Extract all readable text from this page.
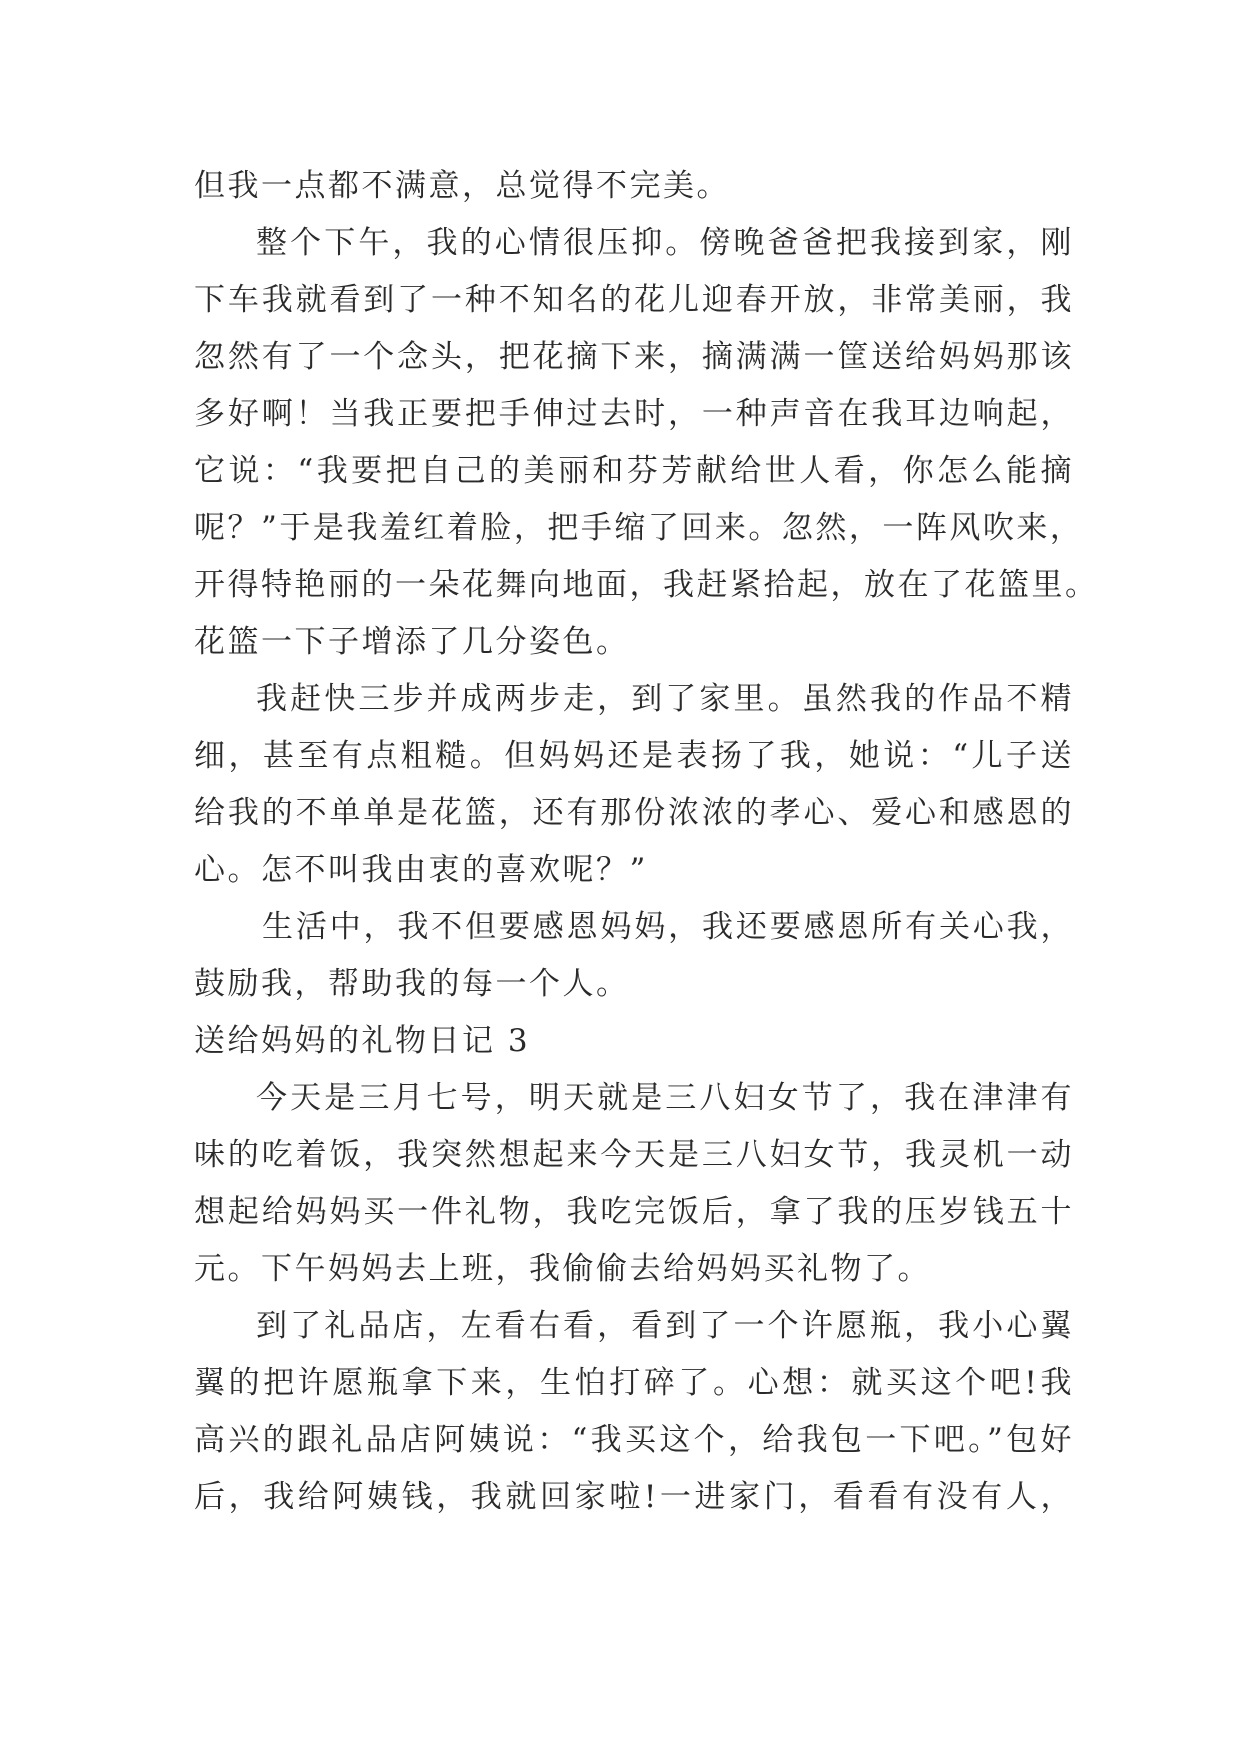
但我一点都不满意，总觉得不完美。
整个下午，我的心情很压抑。傍晚爸爸把我接到家，刚
下车我就看到了一种不知名的花儿迎春开放，非常美丽，我
忽然有了一个念头，把花摘下来，摘满满一筐送给妈妈那该
多好啊！当我正要把手伸过去时，一种声音在我耳边响起，
它说：“我要把自己的美丽和芬芳献给世人看，你怎么能摘
呢？”于是我羞红着脸，把手缩了回来。忽然，一阵风吹来，
开得特艳丽的一朵花舞向地面，我赶紧拾起，放在了花篮里。
花篮一下子增添了几分姿色。
我赶快三步并成两步走，到了家里。虽然我的作品不精
细，甚至有点粗糙。但妈妈还是表扬了我，她说：“儿子送
给我的不单单是花篮，还有那份浓浓的孝心、爱心和感恩的
心。怎不叫我由衷的喜欢呢？”
生活中，我不但要感恩妈妈，我还要感恩所有关心我，
鼓励我，帮助我的每一个人。
送给妈妈的礼物日记 3
今天是三月七号，明天就是三八妇女节了，我在津津有
味的吃着饭，我突然想起来今天是三八妇女节，我灵机一动
想起给妈妈买一件礼物，我吃完饭后，拿了我的压岁钱五十
元。下午妈妈去上班，我偷偷去给妈妈买礼物了。
到了礼品店，左看右看，看到了一个许愿瓶，我小心翼
翼的把许愿瓶拿下来，生怕打碎了。心想：就买这个吧!我
高兴的跟礼品店阿姨说：“我买这个，给我包一下吧。”包好
后，我给阿姨钱，我就回家啦!一进家门，看看有没有人，
